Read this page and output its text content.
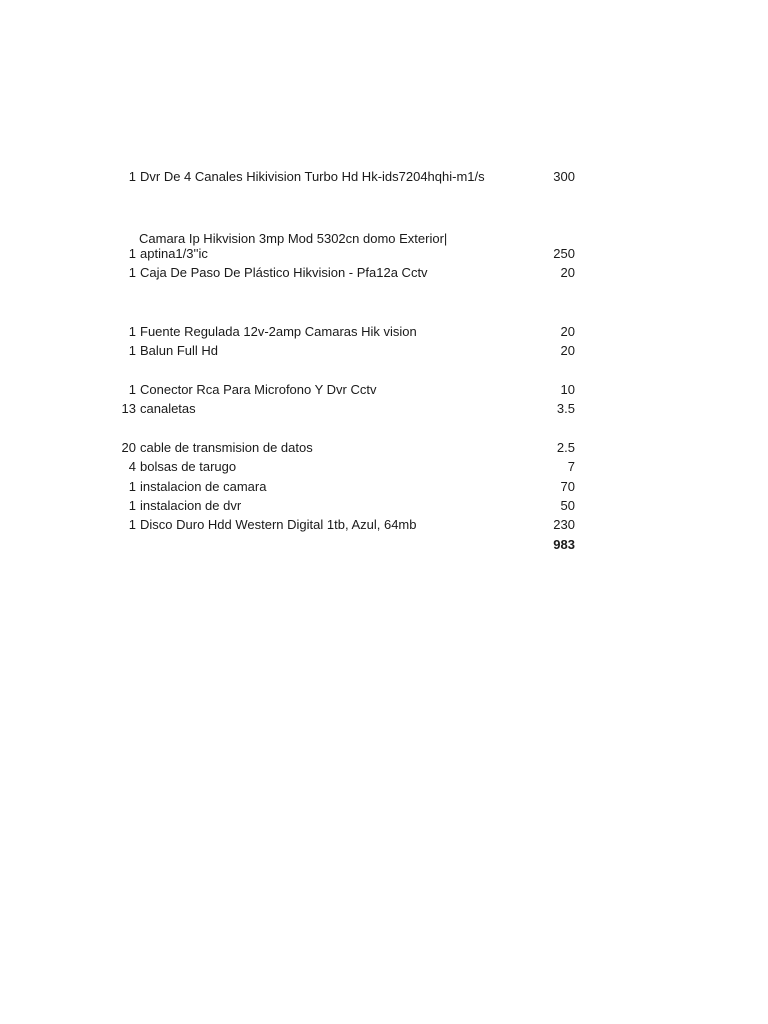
1 Dvr De 4 Canales Hikivision Turbo Hd Hk-ids7204hqhi-m1/s	300
Camara Ip Hikvision 3mp Mod 5302cn domo Exterior|
1 aptina1/3''ic	250
1 Caja De Paso De Plástico Hikvision - Pfa12a Cctv	20
1 Fuente Regulada 12v-2amp Camaras Hik vision	20
1 Balun Full Hd	20
1 Conector Rca Para Microfono Y Dvr Cctv	10
13 canaletas	3.5
20 cable de transmision de datos	2.5
4 bolsas de tarugo	7
1 instalacion de camara	70
1 instalacion de dvr	50
1 Disco Duro Hdd Western Digital 1tb, Azul, 64mb	230
983
